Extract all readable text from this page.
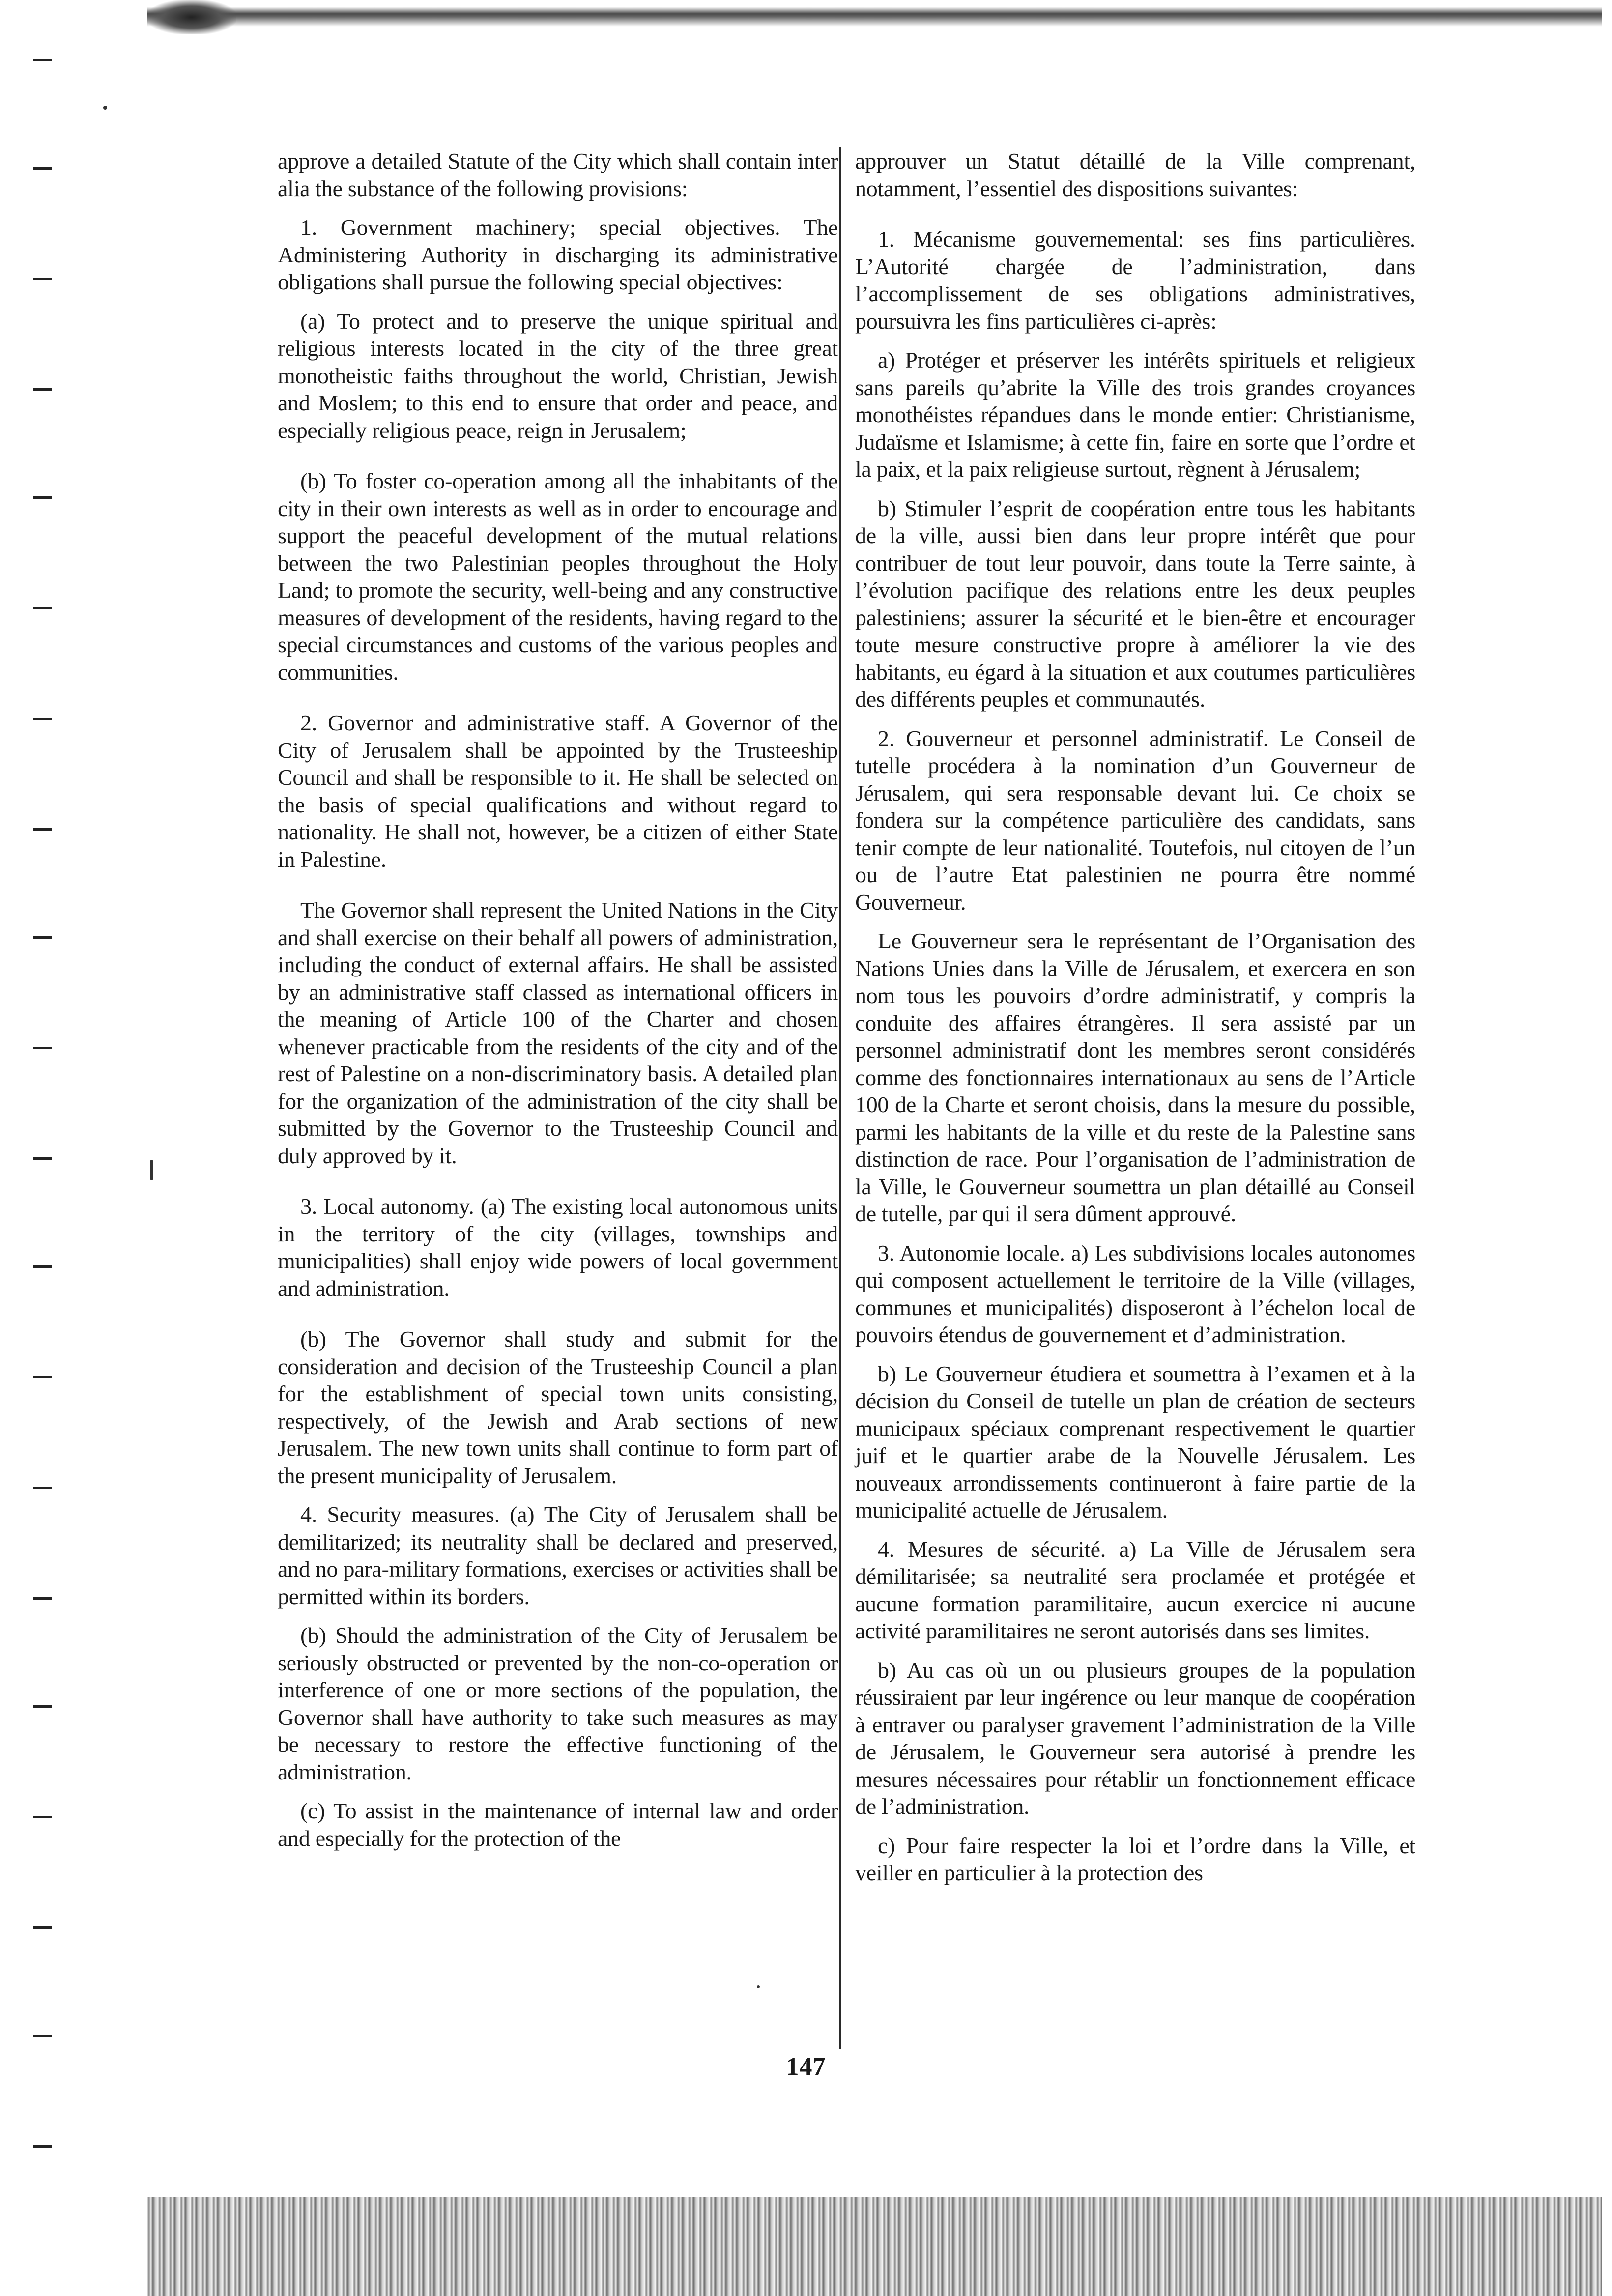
approve a detailed Statute of the City which shall contain inter alia the substance of the following provisions:

1. Government machinery; special objectives. The Administering Authority in discharging its administrative obligations shall pursue the following special objectives:

(a) To protect and to preserve the unique spiritual and religious interests located in the city of the three great monotheistic faiths throughout the world, Christian, Jewish and Moslem; to this end to ensure that order and peace, and especially religious peace, reign in Jerusalem;

(b) To foster co-operation among all the inhabitants of the city in their own interests as well as in order to encourage and support the peaceful development of the mutual relations between the two Palestinian peoples throughout the Holy Land; to promote the security, well-being and any constructive measures of development of the residents, having regard to the special circumstances and customs of the various peoples and communities.

2. Governor and administrative staff. A Governor of the City of Jerusalem shall be appointed by the Trusteeship Council and shall be responsible to it. He shall be selected on the basis of special qualifications and without regard to nationality. He shall not, however, be a citizen of either State in Palestine.

The Governor shall represent the United Nations in the City and shall exercise on their behalf all powers of administration, including the conduct of external affairs. He shall be assisted by an administrative staff classed as international officers in the meaning of Article 100 of the Charter and chosen whenever practicable from the residents of the city and of the rest of Palestine on a non-discriminatory basis. A detailed plan for the organization of the administration of the city shall be submitted by the Governor to the Trusteeship Council and duly approved by it.

3. Local autonomy. (a) The existing local autonomous units in the territory of the city (villages, townships and municipalities) shall enjoy wide powers of local government and administration.

(b) The Governor shall study and submit for the consideration and decision of the Trusteeship Council a plan for the establishment of special town units consisting, respectively, of the Jewish and Arab sections of new Jerusalem. The new town units shall continue to form part of the present municipality of Jerusalem.

4. Security measures. (a) The City of Jerusalem shall be demilitarized; its neutrality shall be declared and preserved, and no para-military formations, exercises or activities shall be permitted within its borders.

(b) Should the administration of the City of Jerusalem be seriously obstructed or prevented by the non-co-operation or interference of one or more sections of the population, the Governor shall have authority to take such measures as may be necessary to restore the effective functioning of the administration.

(c) To assist in the maintenance of internal law and order and especially for the protection of the

approuver un Statut détaillé de la Ville comprenant, notamment, l’essentiel des dispositions suivantes:

1. Mécanisme gouvernemental: ses fins particulières. L’Autorité chargée de l’administration, dans l’accomplissement de ses obligations administratives, poursuivra les fins particulières ci-après:

a) Protéger et préserver les intérêts spirituels et religieux sans pareils qu’abrite la Ville des trois grandes croyances monothéistes répandues dans le monde entier: Christianisme, Judaïsme et Islamisme; à cette fin, faire en sorte que l’ordre et la paix, et la paix religieuse surtout, règnent à Jérusalem;

b) Stimuler l’esprit de coopération entre tous les habitants de la ville, aussi bien dans leur propre intérêt que pour contribuer de tout leur pouvoir, dans toute la Terre sainte, à l’évolution pacifique des relations entre les deux peuples palestiniens; assurer la sécurité et le bien-être et encourager toute mesure constructive propre à améliorer la vie des habitants, eu égard à la situation et aux coutumes particulières des différents peuples et communautés.

2. Gouverneur et personnel administratif. Le Conseil de tutelle procédera à la nomination d’un Gouverneur de Jérusalem, qui sera responsable devant lui. Ce choix se fondera sur la compétence particulière des candidats, sans tenir compte de leur nationalité. Toutefois, nul citoyen de l’un ou de l’autre Etat palestinien ne pourra être nommé Gouverneur.

Le Gouverneur sera le représentant de l’Organisation des Nations Unies dans la Ville de Jérusalem, et exercera en son nom tous les pouvoirs d’ordre administratif, y compris la conduite des affaires étrangères. Il sera assisté par un personnel administratif dont les membres seront considérés comme des fonctionnaires internationaux au sens de l’Article 100 de la Charte et seront choisis, dans la mesure du possible, parmi les habitants de la ville et du reste de la Palestine sans distinction de race. Pour l’organisation de l’administration de la Ville, le Gouverneur soumettra un plan détaillé au Conseil de tutelle, par qui il sera dûment approuvé.

3. Autonomie locale. a) Les subdivisions locales autonomes qui composent actuellement le territoire de la Ville (villages, communes et municipalités) disposeront à l’échelon local de pouvoirs étendus de gouvernement et d’administration.

b) Le Gouverneur étudiera et soumettra à l’examen et à la décision du Conseil de tutelle un plan de création de secteurs municipaux spéciaux comprenant respectivement le quartier juif et le quartier arabe de la Nouvelle Jérusalem. Les nouveaux arrondissements continueront à faire partie de la municipalité actuelle de Jérusalem.

4. Mesures de sécurité. a) La Ville de Jérusalem sera démilitarisée; sa neutralité sera proclamée et protégée et aucune formation paramilitaire, aucun exercice ni aucune activité paramilitaires ne seront autorisés dans ses limites.

b) Au cas où un ou plusieurs groupes de la population réussiraient par leur ingérence ou leur manque de coopération à entraver ou paralyser gravement l’administration de la Ville de Jérusalem, le Gouverneur sera autorisé à prendre les mesures nécessaires pour rétablir un fonctionnement efficace de l’administration.

c) Pour faire respecter la loi et l’ordre dans la Ville, et veiller en particulier à la protection des

147
